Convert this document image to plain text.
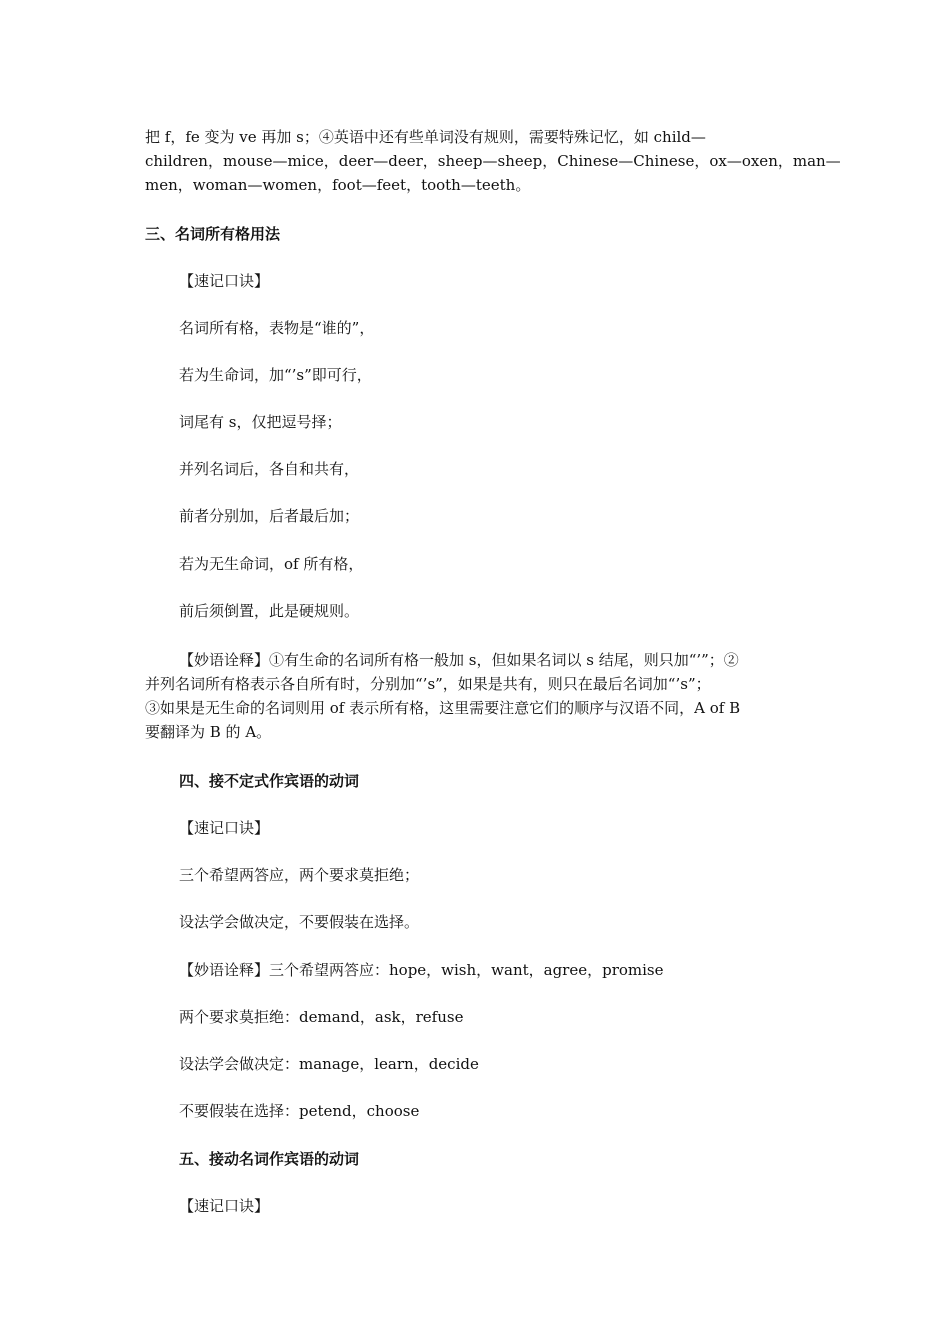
把 f，fe 变为 ve 再加 s；④英语中还有些单词没有规则，需要特殊记忆，如 child—
children，mouse—mice，deer—deer，sheep—sheep，Chinese—Chinese，ox—oxen，man—
men，woman—women，foot—feet，tooth—teeth。
三、名词所有格用法
【速记口诀】
名词所有格，表物是“谁的”，
若为生命词，加“’s”即可行，
词尾有 s，仅把逗号择；
并列名词后，各自和共有，
前者分别加，后者最后加；
若为无生命词，of 所有格，
前后须倒置，此是硬规则。
【妙语诠释】①有生命的名词所有格一般加 s，但如果名词以 s 结尾，则只加“’”；②
并列名词所有格表示各自所有时，分别加“’s”，如果是共有，则只在最后名词加“’s”；
③如果是无生命的名词则用 of 表示所有格，这里需要注意它们的顺序与汉语不同，A of B
要翻译为 B 的 A。
四、接不定式作宾语的动词
【速记口诀】
三个希望两答应，两个要求莫拒绝；
设法学会做决定，不要假装在选择。
【妙语诠释】三个希望两答应：hope，wish，want，agree，promise
两个要求莫拒绝：demand，ask，refuse
设法学会做决定：manage，learn，decide
不要假装在选择：petend，choose
五、接动名词作宾语的动词
【速记口诀】
